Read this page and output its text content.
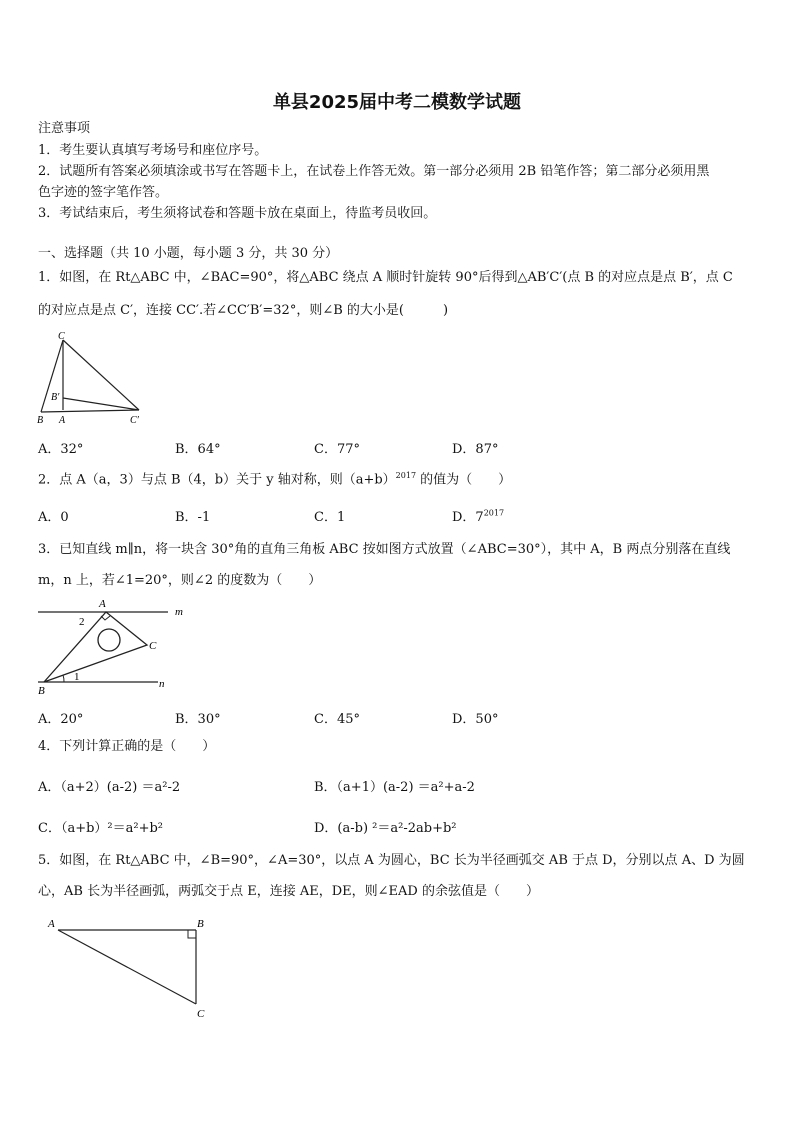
单县2025届中考二模数学试题
注意事项
1．考生要认真填写考场号和座位序号。
2．试题所有答案必须填涂或书写在答题卡上，在试卷上作答无效。第一部分必须用 2B 铅笔作答；第二部分必须用黑
色字迹的签字笔作答。
3．考试结束后，考生须将试卷和答题卡放在桌面上，待监考员收回。
一、选择题（共 10 小题，每小题 3 分，共 30 分）
1．如图，在 Rt△ABC 中，∠BAC=90°，将△ABC 绕点 A 顺时针旋转 90°后得到△AB′C′(点 B 的对应点是点 B′，点 C
的对应点是点 C′，连接 CC′.若∠CC′B′=32°，则∠B 的大小是(　　　)
C
B′
B A	C′
A．32°	B．64°	C．77°	D．87°
2．点 A（a，3）与点 B（4，b）关于 y 轴对称，则$(a+b)^{2017}$ 的值为（　　）
A．0	B．-1	C．1	D．$7^{2017}$
3．已知直线 m∥n，将一块含 30°角的直角三角板 ABC 按如图方式放置（∠ABC=30°），其中 A，B 两点分别落在直线
m，n 上，若∠1=20°，则∠2 的度数为（　　）
A
m
2
C
B
1
n
A．20°	B．30°	C．45°	D．50°
4．下列计算正确的是（　　）
A．（a+2）(a-2) ＝a²-2	B．（a+1）(a-2) ＝a²+a-2
C．（a+b）²＝a²+b²	D．(a-b) ²＝a²-2ab+b²
5．如图，在 Rt△ABC 中，∠B=90°，∠A=30°，以点 A 为圆心，BC 长为半径画弧交 AB 于点 D，分别以点 A、D 为圆
心，AB 长为半径画弧，两弧交于点 E，连接 AE，DE，则∠EAD 的余弦值是（　　）
A	B
C
